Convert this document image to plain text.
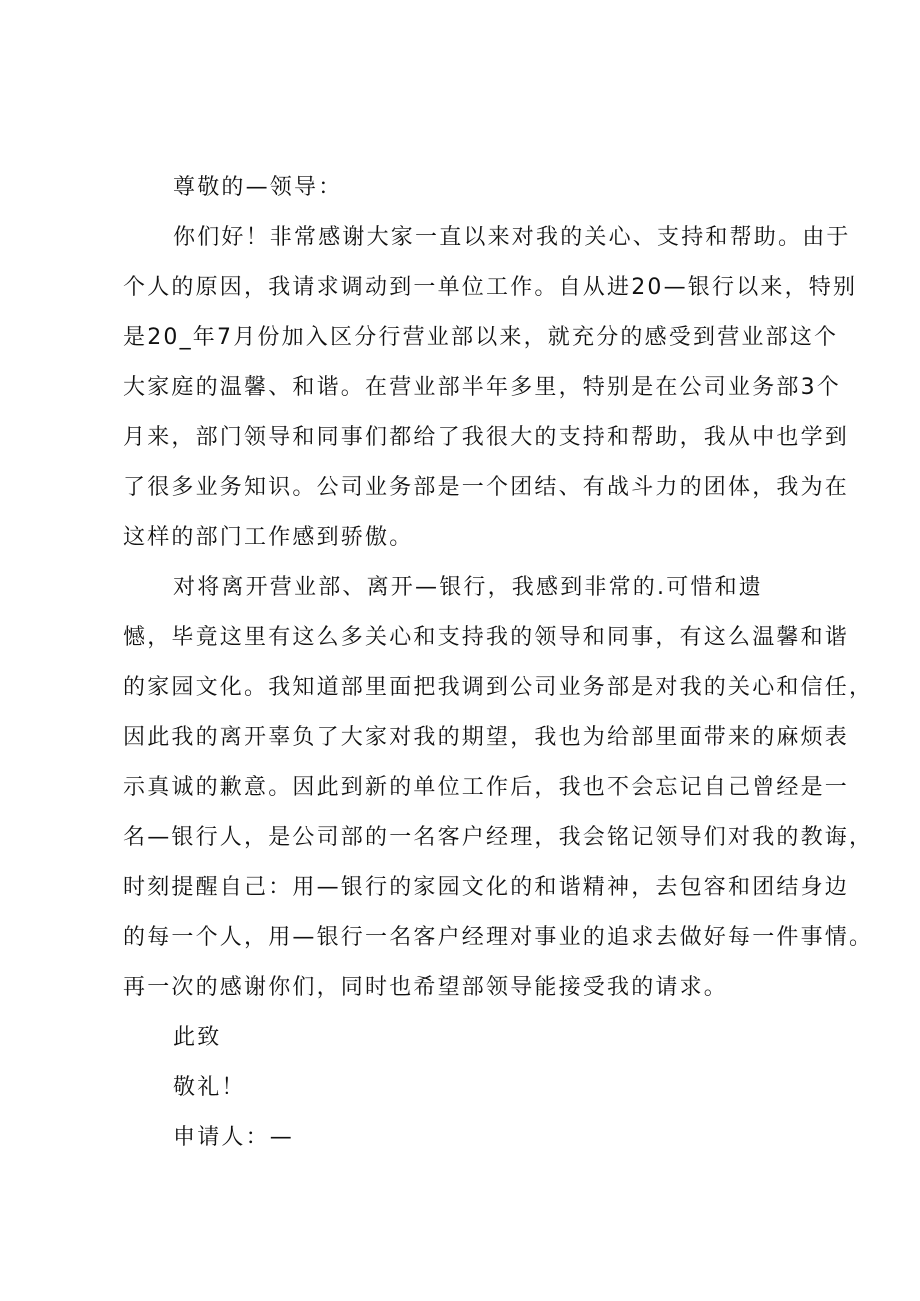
尊敬的—领导：
你们好！非常感谢大家一直以来对我的关心、支持和帮助。由于
个人的原因，我请求调动到一单位工作。自从进20—银行以来，特别
是20_年7月份加入区分行营业部以来，就充分的感受到营业部这个
大家庭的温馨、和谐。在营业部半年多里，特别是在公司业务部3个
月来，部门领导和同事们都给了我很大的支持和帮助，我从中也学到
了很多业务知识。公司业务部是一个团结、有战斗力的团体，我为在
这样的部门工作感到骄傲。
对将离开营业部、离开—银行，我感到非常的.可惜和遗
憾，毕竟这里有这么多关心和支持我的领导和同事，有这么温馨和谐
的家园文化。我知道部里面把我调到公司业务部是对我的关心和信任，
因此我的离开辜负了大家对我的期望，我也为给部里面带来的麻烦表
示真诚的歉意。因此到新的单位工作后，我也不会忘记自己曾经是一
名—银行人，是公司部的一名客户经理，我会铭记领导们对我的教诲，
时刻提醒自己：用—银行的家园文化的和谐精神，去包容和团结身边
的每一个人，用—银行一名客户经理对事业的追求去做好每一件事情。
再一次的感谢你们，同时也希望部领导能接受我的请求。
此致
敬礼！
申请人：—
